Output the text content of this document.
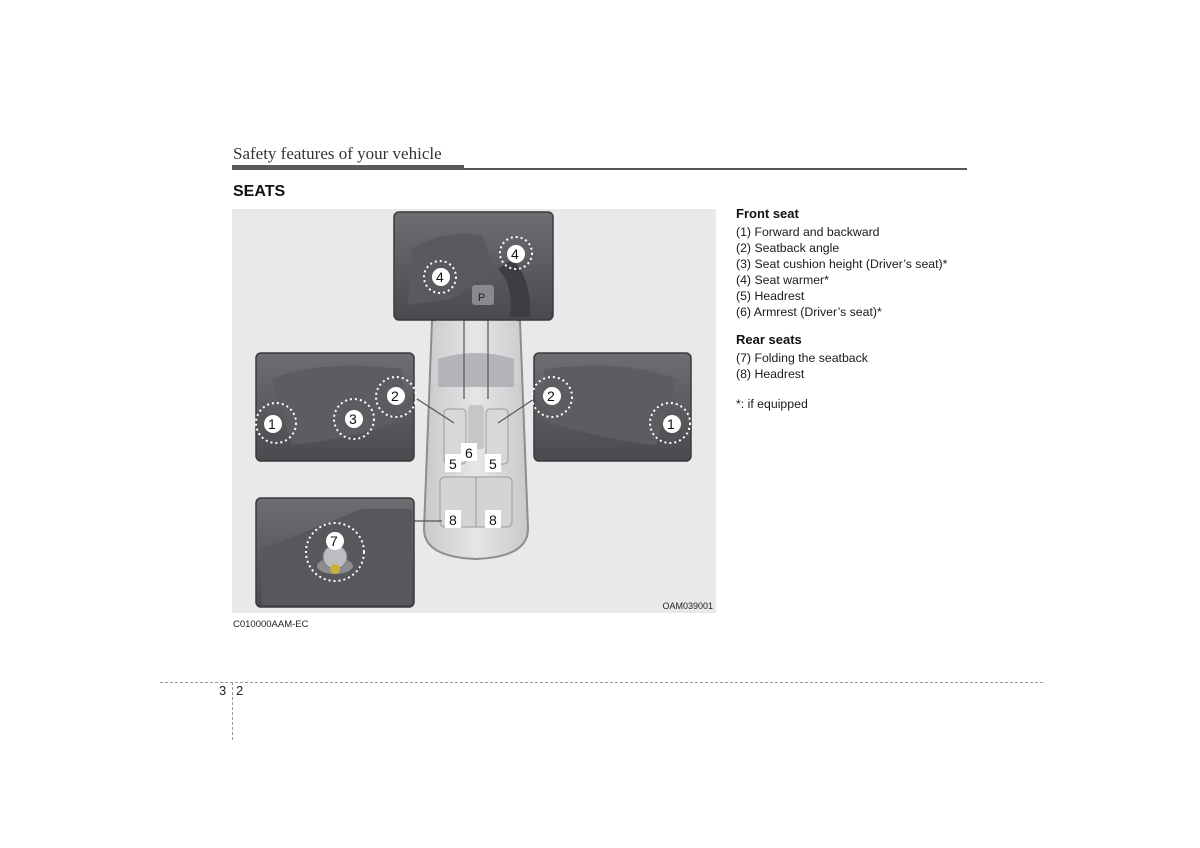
Safety features of your vehicle
SEATS
P
1
2
3
4
4
2
1
6
5 5
7
8 8
OAM039001
C010000AAM-EC
Front seat
(1) Forward and backward
(2) Seatback angle
(3) Seat cushion height (Driver’s seat)*
(4) Seat warmer*
(5) Headrest
(6) Armrest (Driver’s seat)*
Rear seats
(7) Folding the seatback
(8) Headrest
*: if equipped
3 2
